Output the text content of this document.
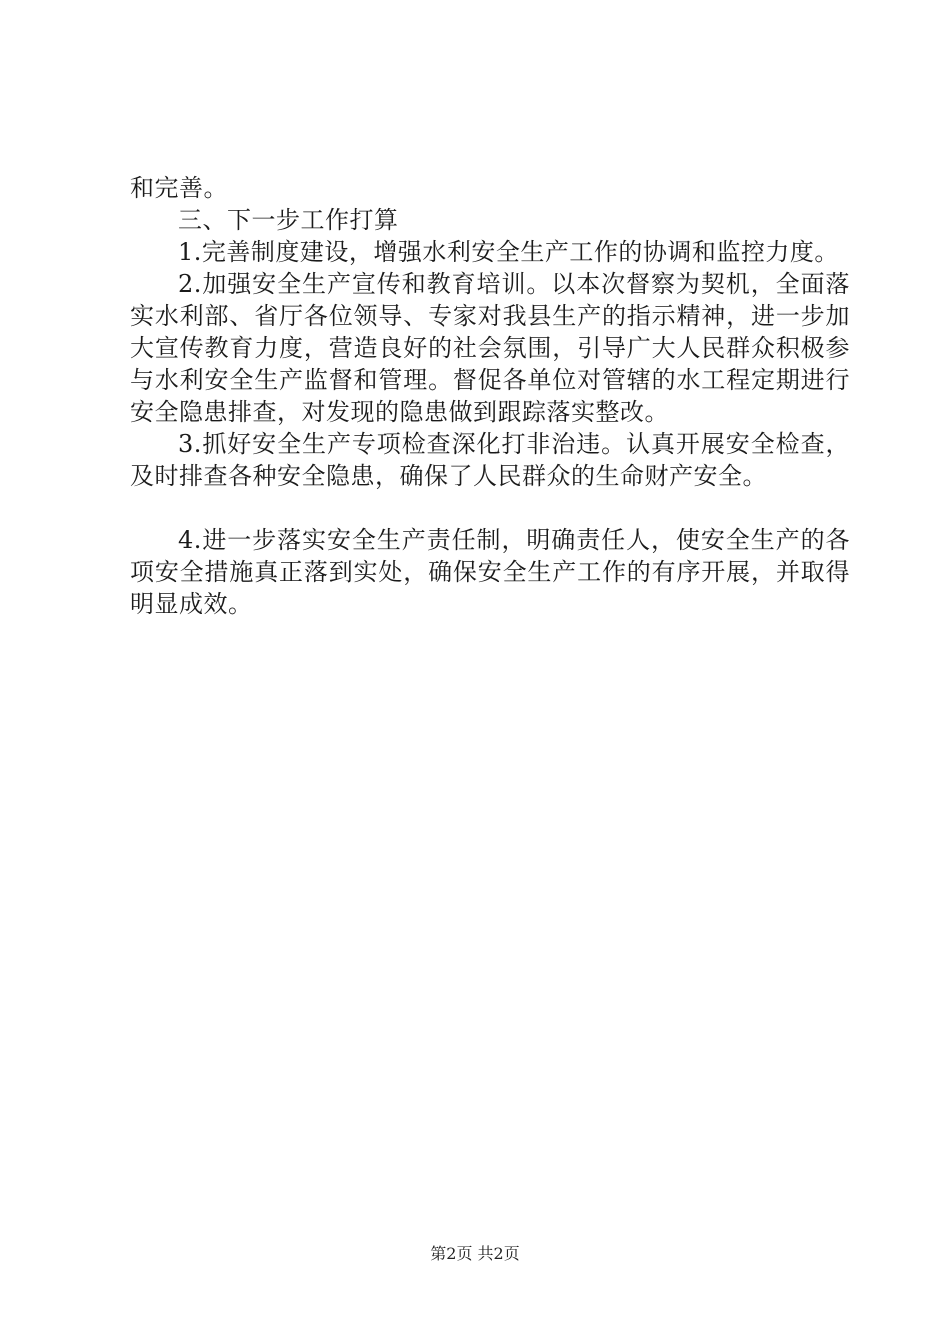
和完善。

三、下一步工作打算

1.完善制度建设，增强水利安全生产工作的协调和监控力度。

2.加强安全生产宣传和教育培训。以本次督察为契机，全面落实水利部、省厅各位领导、专家对我县生产的指示精神，进一步加大宣传教育力度，营造良好的社会氛围，引导广大人民群众积极参与水利安全生产监督和管理。督促各单位对管辖的水工程定期进行安全隐患排查，对发现的隐患做到跟踪落实整改。

3.抓好安全生产专项检查深化打非治违。认真开展安全检查，及时排查各种安全隐患，确保了人民群众的生命财产安全。

4.进一步落实安全生产责任制，明确责任人，使安全生产的各项安全措施真正落到实处，确保安全生产工作的有序开展，并取得明显成效。

第2页 共2页
